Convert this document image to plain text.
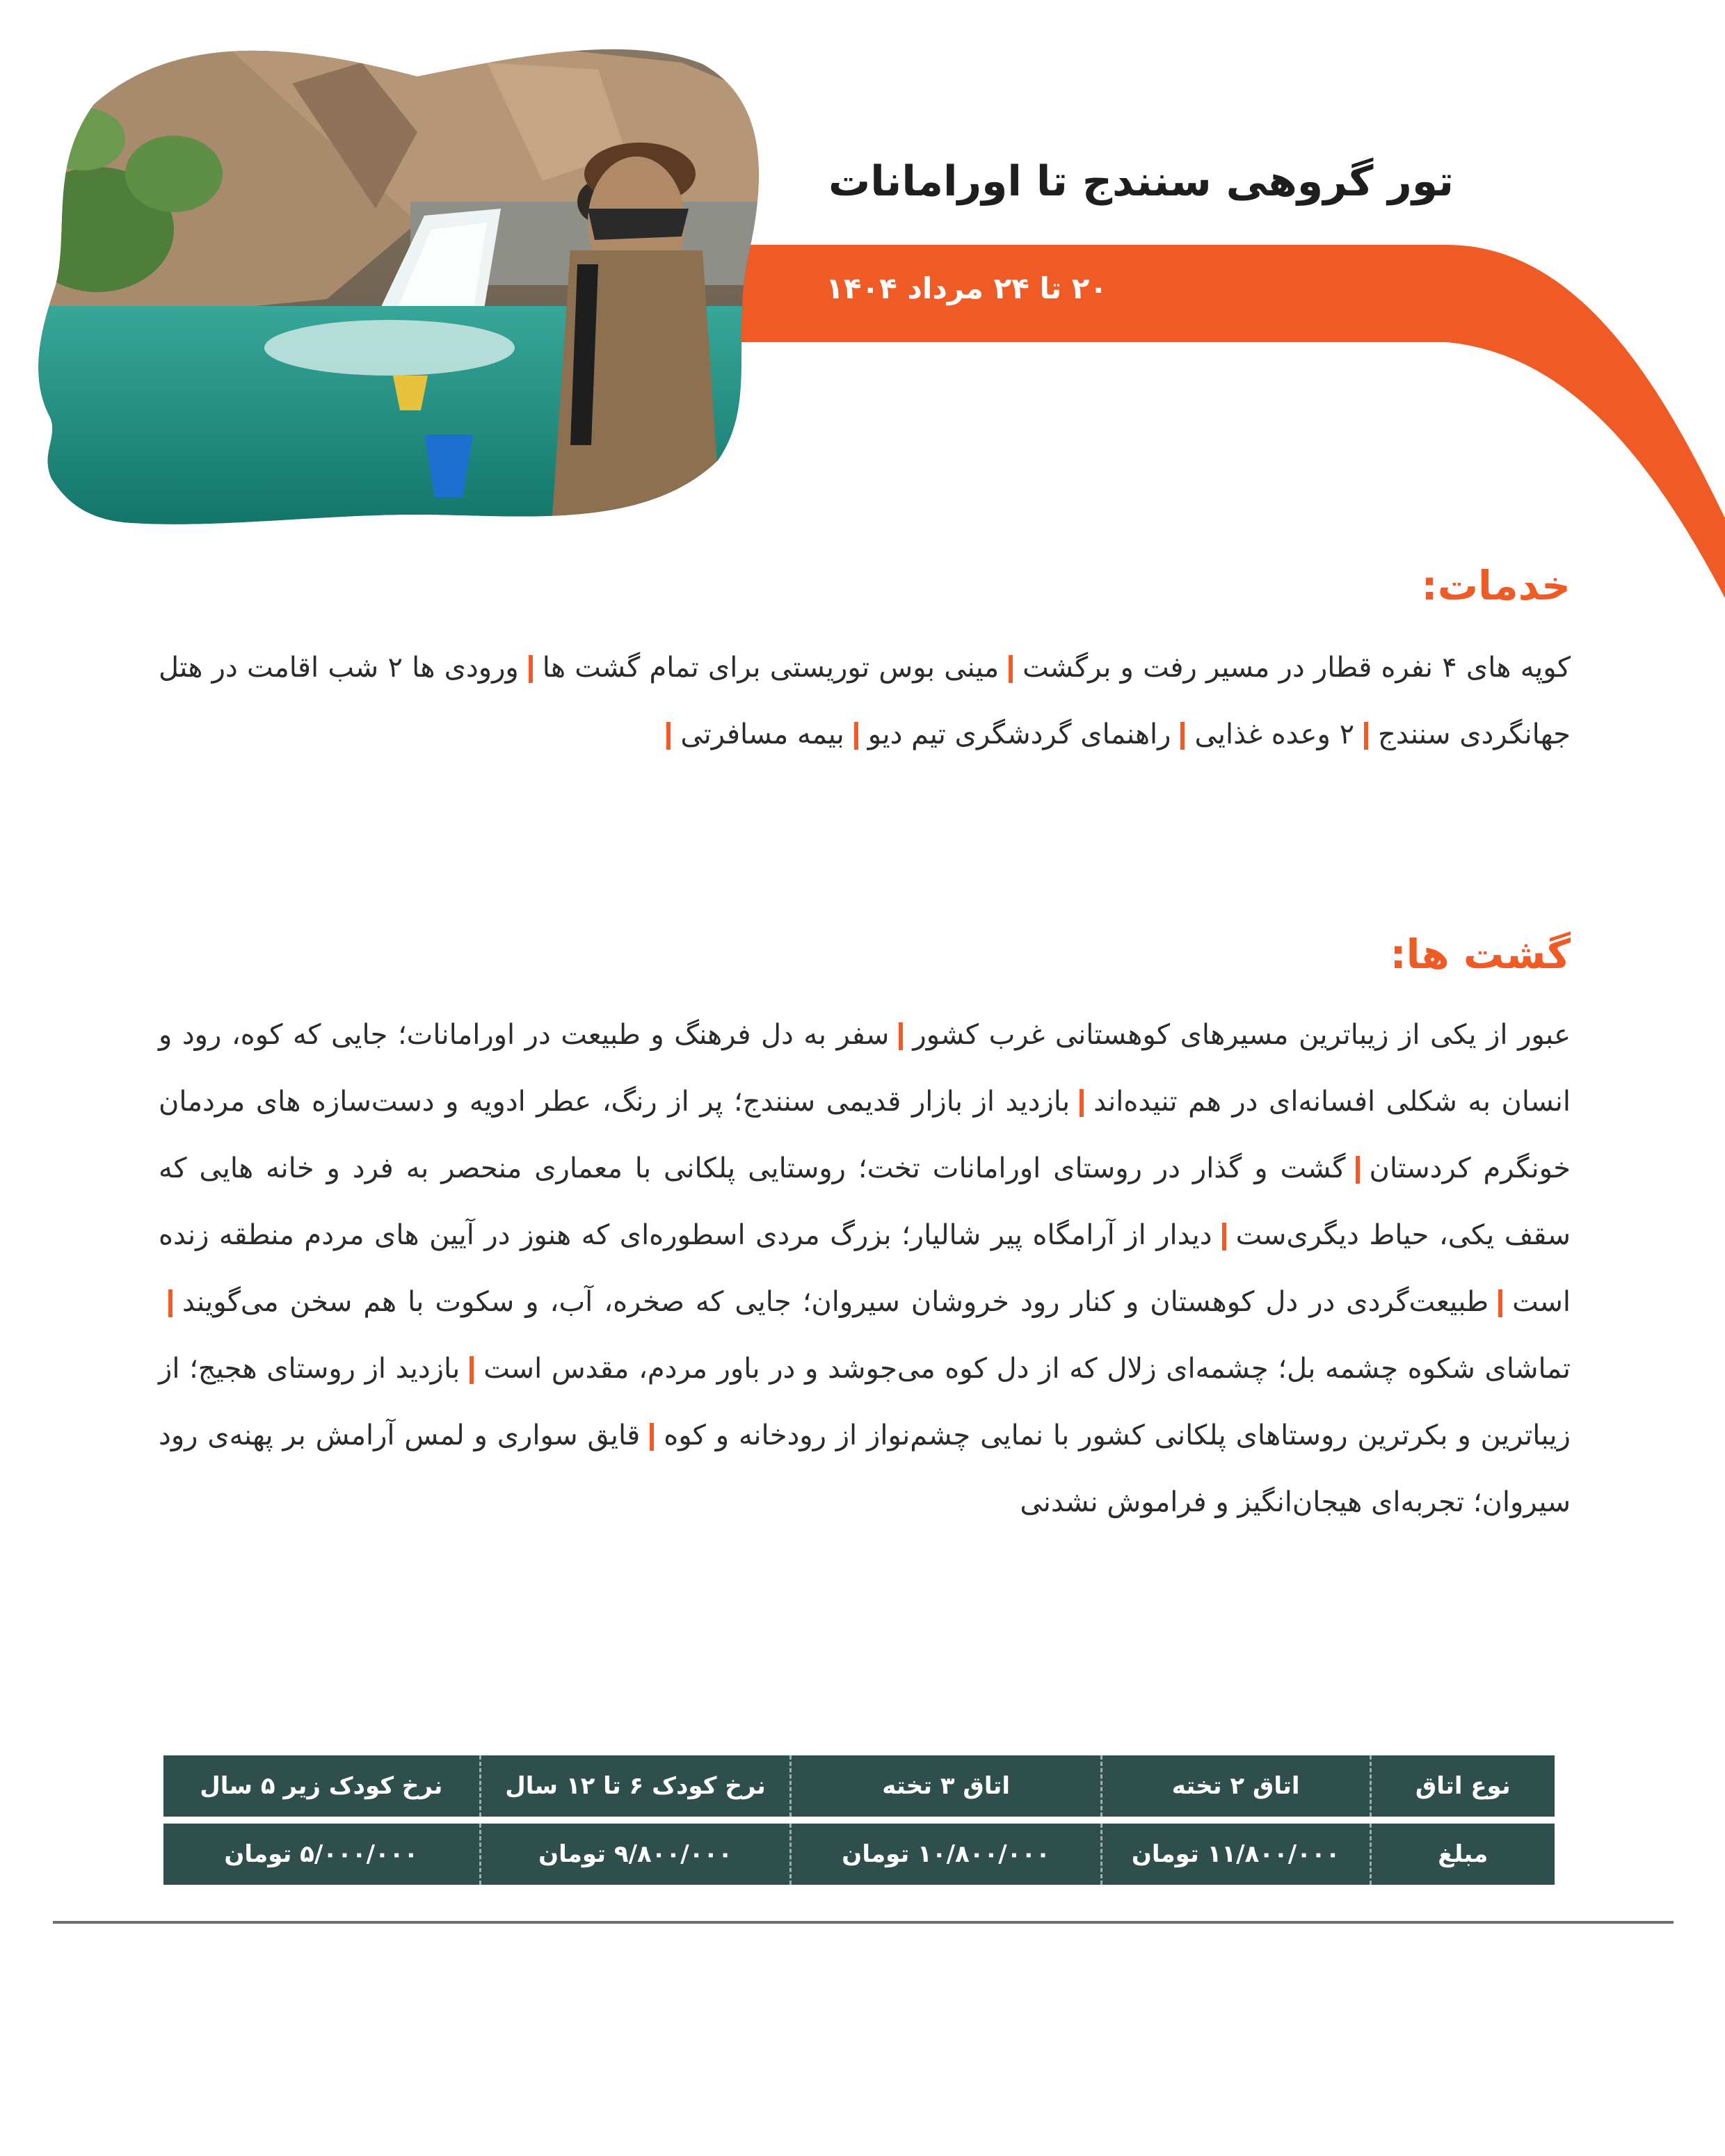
تور گروهی سنندج تا اورامانات
۲۰ تا ۲۴ مرداد ۱۴۰۴
خدمات:

کوپه های ۴ نفره قطار در مسیر رفت و برگشتمینی بوس توریستی برای تمام گشت هاورودی ها ۲ شب اقامت در هتل جهانگردی سنندج۲ وعده غذاییراهنمای گردشگری تیم دیوبیمه مسافرتی

گشت ها:

عبور از یکی از زیباترین مسیرهای کوهستانی غرب کشورسفر به دل فرهنگ و طبیعت در اورامانات؛ جایی که کوه، رود و انسان به شکلی افسانه‌ای در هم تنیده‌اندبازدید از بازار قدیمی سنندج؛ پر از رنگ، عطر ادویه و دست‌سازه های مردمان خونگرم کردستانگشت و گذار در روستای اورامانات تخت؛ روستایی پلکانی با معماری منحصر به فرد و خانه هایی که سقف یکی، حیاط دیگری‌ستدیدار از آرامگاه پیر شالیار؛ بزرگ مردی اسطوره‌ای که هنوز در آیین های مردم منطقه زنده استطبیعت‌گردی در دل کوهستان و کنار رود خروشان سیروان؛ جایی که صخره، آب، و سکوت با هم سخن می‌گویندتماشای شکوه چشمه بل؛ چشمه‌ای زلال که از دل کوه می‌جوشد و در باور مردم، مقدس استبازدید از روستای هجیج؛ از زیباترین و بکرترین روستاهای پلکانی کشور با نمایی چشم‌نواز از رودخانه و کوهقایق سواری و لمس آرامش بر پهنه‌ی رود سیروان؛ تجربه‌ای هیجان‌انگیز و فراموش نشدنی

نوع اتاق	اتاق ۲ تخته	اتاق ۳ تخته	نرخ کودک ۶ تا ۱۲ سال	نرخ کودک زیر ۵ سال
مبلغ	۱۱/۸۰۰/۰۰۰ تومان	۱۰/۸۰۰/۰۰۰ تومان	۹/۸۰۰/۰۰۰ تومان	۵/۰۰۰/۰۰۰ تومان
